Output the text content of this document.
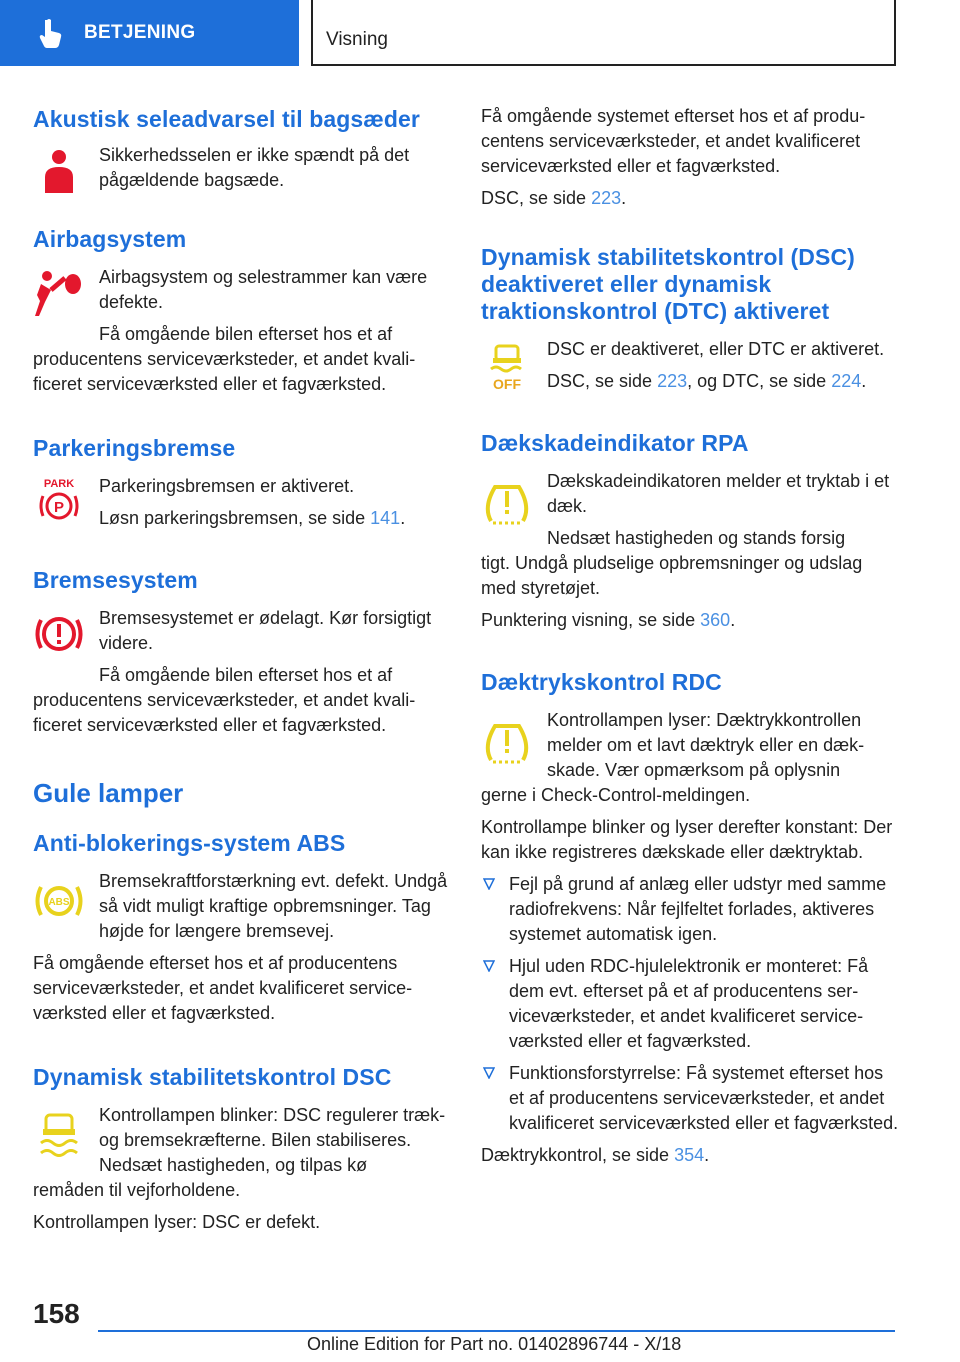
BETJENING	Visning
Akustisk seleadvarsel til bagsæder

Sikkerhedsselen er ikke spændt på det pågældende bagsæde.

Airbagsystem

Airbagsystem og selestrammer kan være defekte.

Få omgående bilen efterset hos et af

producentens serviceværksteder, et andet kvalificeret serviceværksted eller et fagværksted.

Parkeringsbremse
PARK
P

Parkeringsbremsen er aktiveret.

Løsn parkeringsbremsen, se side 141.

Bremsesystem

Bremsesystemet er ødelagt. Kør forsigtigt videre.

Få omgående bilen efterset hos et af

producentens serviceværksteder, et andet kvalificeret serviceværksted eller et fagværksted.

Gule lamper
Anti-blokerings-system ABS
ABS

Bremsekraftforstærkning evt. defekt. Undgå så vidt muligt kraftige opbremsninger. Tag højde for længere bremsevej.

Få omgående efterset hos et af producentens serviceværksteder, et andet kvalificeret serviceværksted eller et fagværksted.

Dynamisk stabilitetskontrol DSC

Kontrollampen blinker: DSC regulerer træk- og bremsekræfterne. Bilen stabiliseres. Nedsæt hastigheden, og tilpas kø

remåden til vejforholdene.

Kontrollampen lyser: DSC er defekt.

Få omgående systemet efterset hos et af producentens serviceværksteder, et andet kvalificeret serviceværksted eller et fagværksted.

DSC, se side 223.

Dynamisk stabilitetskontrol (DSC) deaktiveret eller dynamisk traktionskontrol (DTC) aktiveret
OFF

DSC er deaktiveret, eller DTC er aktiveret.

DSC, se side 223, og DTC, se side 224.

Dækskadeindikator RPA

Dækskadeindikatoren melder et tryktab i et dæk.

Nedsæt hastigheden og stands forsig

tigt. Undgå pludselige opbremsninger og udslag med styretøjet.

Punktering visning, se side 360.

Dæktrykskontrol RDC

Kontrollampen lyser: Dæktrykkontrollen melder om et lavt dæktryk eller en dækskade. Vær opmærksom på oplysnin

gerne i Check-Control-meldingen.

Kontrollampe blinker og lyser derefter konstant: Der kan ikke registreres dækskade eller dæktryktab.

Fejl på grund af anlæg eller udstyr med samme radiofrekvens: Når fejlfeltet forlades, aktiveres systemet automatisk igen.
Hjul uden RDC-hjulelektronik er monteret: Få dem evt. efterset på et af producentens serviceværksteder, et andet kvalificeret serviceværksted eller et fagværksted.
Funktionsforstyrrelse: Få systemet efterset hos et af producentens serviceværksteder, et andet kvalificeret serviceværksted eller et fagværksted.

Dæktrykkontrol, se side 354.

158
Online Edition for Part no. 01402896744 - X/18
